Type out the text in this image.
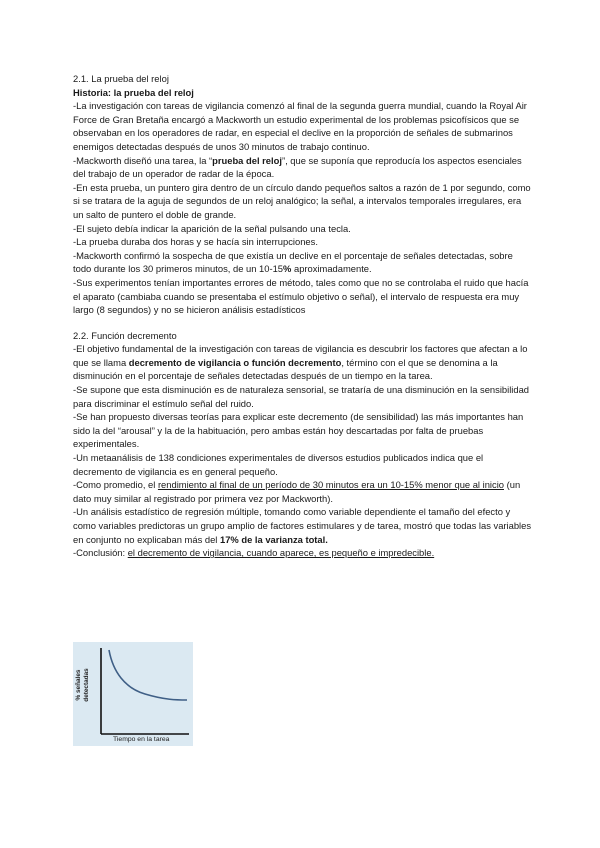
2.1. La prueba del reloj

Historia: la prueba del reloj

-La investigación con tareas de vigilancia comenzó al final de la segunda guerra mundial, cuando la Royal Air Force de Gran Bretaña encargó a Mackworth un estudio experimental de los problemas psicofísicos que se observaban en los operadores de radar, en especial el declive en la proporción de señales de submarinos enemigos detectadas después de unos 30 minutos de trabajo continuo.

-Mackworth diseñó una tarea, la “prueba del reloj”, que se suponía que reproducía los aspectos esenciales del trabajo de un operador de radar de la época.

-En esta prueba, un puntero gira dentro de un círculo dando pequeños saltos a razón de 1 por segundo, como si se tratara de la aguja de segundos de un reloj analógico; la señal, a intervalos temporales irregulares, era un salto de puntero el doble de grande.

-El sujeto debía indicar la aparición de la señal pulsando una tecla.

-La prueba duraba dos horas y se hacía sin interrupciones.

-Mackworth confirmó la sospecha de que existía un declive en el porcentaje de señales detectadas, sobre todo durante los 30 primeros minutos, de un 10-15% aproximadamente.

-Sus experimentos tenían importantes errores de método, tales como que no se controlaba el ruido que hacía el aparato (cambiaba cuando se presentaba el estímulo objetivo o señal), el intervalo de respuesta era muy largo (8 segundos) y no se hicieron análisis estadísticos

2.2. Función decremento

-El objetivo fundamental de la investigación con tareas de vigilancia es descubrir los factores que afectan a lo que se llama decremento de vigilancia o función decremento, término con el que se denomina a la disminución en el porcentaje de señales detectadas después de un tiempo en la tarea.

-Se supone que esta disminución es de naturaleza sensorial, se trataría de una disminución en la sensibilidad para discriminar el estímulo señal del ruido.

-Se han propuesto diversas teorías para explicar este decremento (de sensibilidad) las más importantes han sido la del “arousal” y la de la habituación, pero ambas están hoy descartadas por falta de pruebas experimentales.

-Un metaanálisis de 138 condiciones experimentales de diversos estudios publicados indica que el decremento de vigilancia es en general pequeño.

-Como promedio, el rendimiento al final de un período de 30 minutos era un 10-15% menor que al inicio (un dato muy similar al registrado por primera vez por Mackworth).

-Un análisis estadístico de regresión múltiple, tomando como variable dependiente el tamaño del efecto y como variables predictoras un grupo amplio de factores estimulares y de tarea, mostró que todas las variables en conjunto no explicaban más del 17% de la varianza total.

-Conclusión: el decremento de vigilancia, cuando aparece, es pequeño e impredecible.

% señales detectadas
Tiempo en la tarea
